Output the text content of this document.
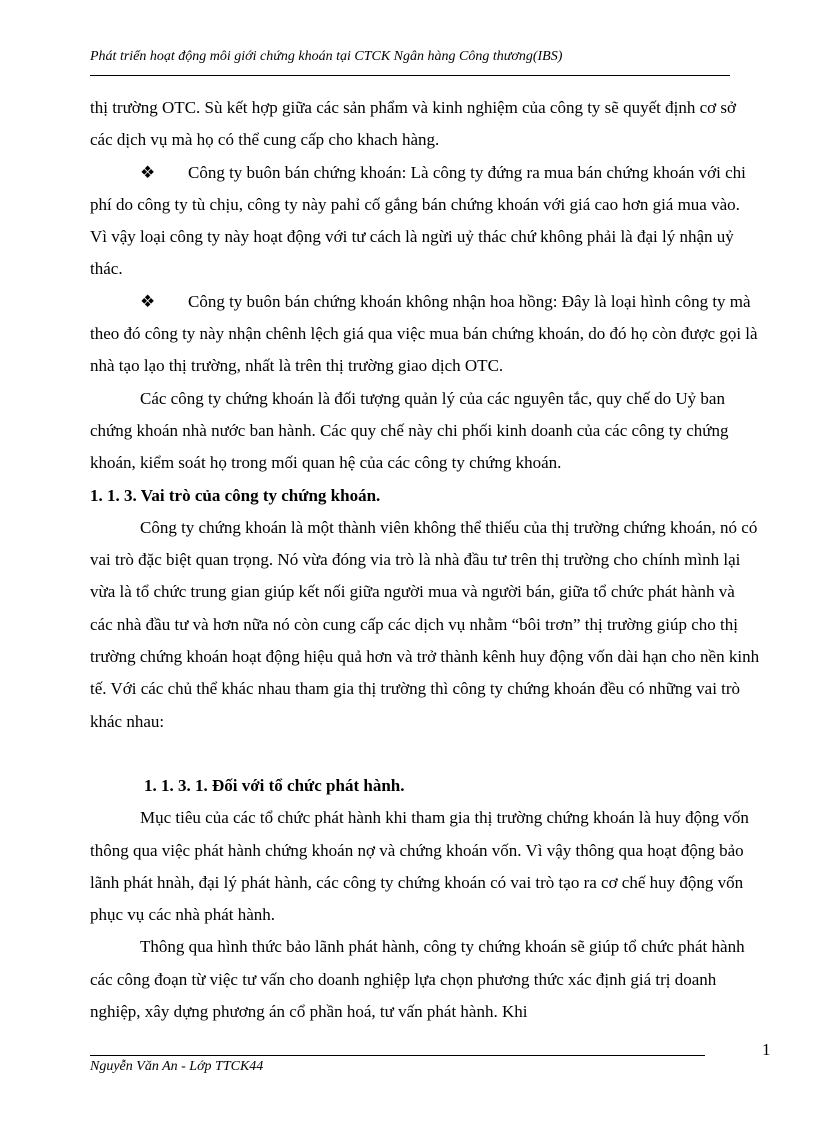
Phát triển hoạt động môi giới chứng khoán tại CTCK Ngân hàng Công thương(IBS)

thị trường OTC. Sù kết hợp giữa các sản phẩm và kinh nghiệm của công ty sẽ quyết định cơ sở các dịch vụ mà họ có thể cung cấp cho khach hàng.

❖ Công ty buôn bán chứng khoán: Là công ty đứng ra mua bán chứng khoán với chi phí do công ty tù chịu, công ty này pahỉ cố gắng bán chứng khoán với giá cao hơn giá mua vào. Vì vậy loại công ty này hoạt động với tư cách là ngừi uỷ thác chứ không phải là đại lý nhận uỷ thác.

❖ Công ty buôn bán chứng khoán không nhận hoa hồng: Đây là loại hình công ty mà theo đó công ty này nhận chênh lệch giá qua việc mua bán chứng khoán, do đó họ còn được gọi là nhà tạo lạo thị trường, nhất là trên thị trường giao dịch OTC.

Các công ty chứng khoán là đối tượng quản lý của các nguyên tắc, quy chế do Uỷ ban chứng khoán nhà nước ban hành. Các quy chế này chi phối kinh doanh của các công ty chứng khoán, kiểm soát họ trong mối quan hệ của các công ty chứng khoán.

1. 1. 3. Vai trò của công ty chứng khoán.

Công ty chứng khoán là một thành viên không thể thiếu của thị trường chứng khoán, nó có vai trò đặc biệt quan trọng. Nó vừa đóng via trò là nhà đầu tư trên thị trường cho chính mình lại vừa là tổ chức trung gian giúp kết nối giữa người mua và người bán, giữa tổ chức phát hành và các nhà đầu tư và hơn nữa nó còn cung cấp các dịch vụ nhằm “bôi trơn” thị trường giúp cho thị trường chứng khoán hoạt động hiệu quả hơn và trở thành kênh huy động vốn dài hạn cho nền kinh tế. Với các chủ thể khác nhau tham gia thị trường thì công ty chứng khoán đều có những vai trò khác nhau:

1. 1. 3. 1. Đối với tổ chức phát hành.

Mục tiêu của các tổ chức phát hành khi tham gia thị trường chứng khoán là huy động vốn thông qua việc phát hành chứng khoán nợ và chứng khoán vốn. Vì vậy thông qua hoạt động bảo lãnh phát hnàh, đại lý phát hành, các công ty chứng khoán có vai trò tạo ra cơ chế huy động vốn phục vụ các nhà phát hành.

Thông qua hình thức bảo lãnh phát hành, công ty chứng khoán sẽ giúp tổ chức phát hành các công đoạn từ việc tư vấn cho doanh nghiệp lựa chọn phương thức xác định giá trị doanh nghiệp, xây dựng phương án cổ phần hoá, tư vấn phát hành. Khi

1
Nguyễn Văn An - Lớp TTCK44
